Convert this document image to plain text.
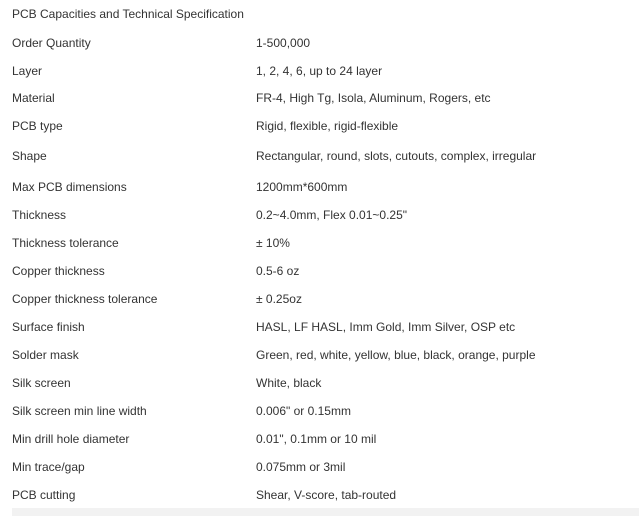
PCB Capacities and Technical Specification
Order Quantity	1-500,000
Layer	1, 2, 4, 6, up to 24 layer
Material	FR-4, High Tg, Isola, Aluminum, Rogers, etc
PCB type	Rigid, flexible, rigid-flexible
Shape	Rectangular, round, slots, cutouts, complex, irregular
Max PCB dimensions	1200mm*600mm
Thickness	0.2~4.0mm, Flex 0.01~0.25"
Thickness tolerance	± 10%
Copper thickness	0.5-6 oz
Copper thickness tolerance	± 0.25oz
Surface finish	HASL, LF HASL, Imm Gold, Imm Silver, OSP etc
Solder mask	Green, red, white, yellow, blue, black, orange, purple
Silk screen	White, black
Silk screen min line width	0.006" or 0.15mm
Min drill hole diameter	0.01", 0.1mm or 10 mil
Min trace/gap	0.075mm or 3mil
PCB cutting	Shear, V-score, tab-routed
